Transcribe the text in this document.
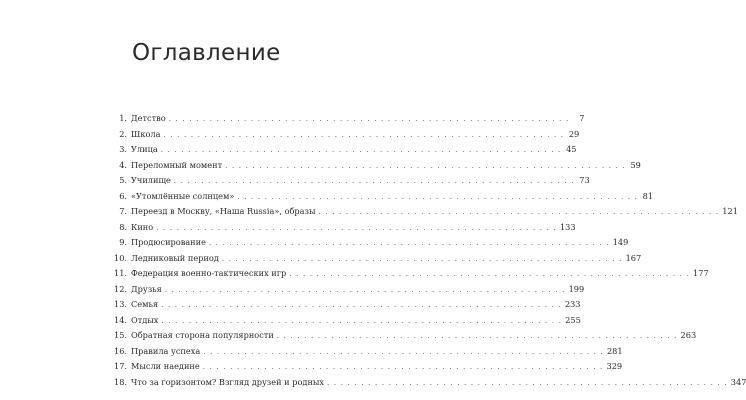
Оглавление
1. Детство . . .	7
2. Школа . . .	29
3. Улица . . .	45
4. Переломный момент . . .	59
5. Училище . . .	73
6. «Утомлённые солнцем» . . .	81
7. Переезд в Москву, «Наша Russia», образы . . .	121
8. Кино . . .	133
9. Продюсирование . . .	149
10. Ледниковый период . . .	167
11. Федерация военно-тактических игр . . .	177
12. Друзья . . .	199
13. Семья . . .	233
14. Отдых . . .	255
15. Обратная сторона популярности . . .	263
16. Правила успеха . . .	281
17. Мысли наедине . . .	329
18. Что за горизонтом? Взгляд друзей и родных . . .	347
